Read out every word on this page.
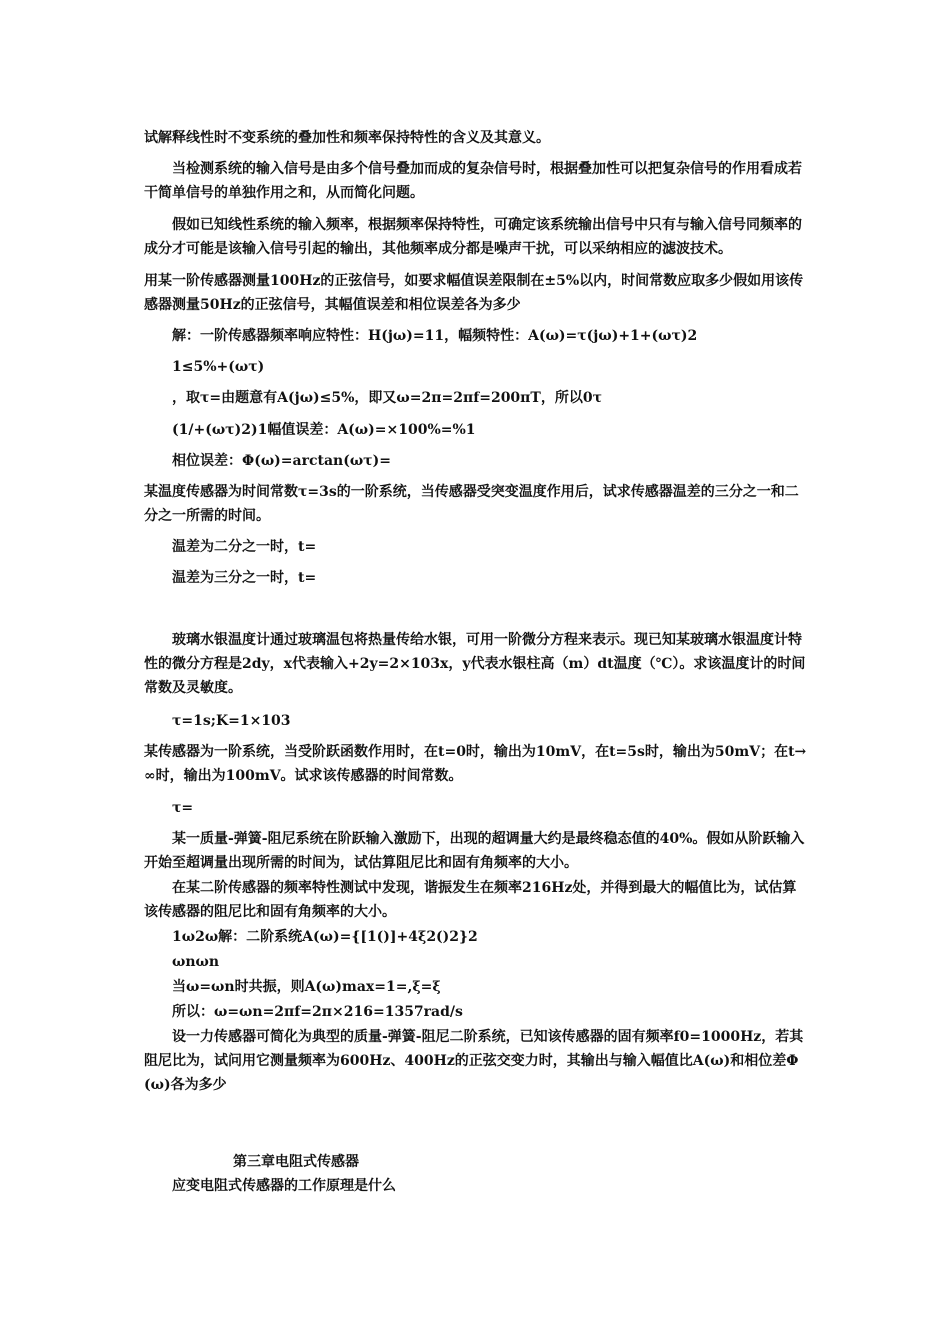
试解释线性时不变系统的叠加性和频率保持特性的含义及其意义。
当检测系统的输入信号是由多个信号叠加而成的复杂信号时，根据叠加性可以把复杂信号的作用看成若干简单信号的单独作用之和，从而简化问题。
假如已知线性系统的输入频率，根据频率保持特性，可确定该系统输出信号中只有与输入信号同频率的成分才可能是该输入信号引起的输出，其他频率成分都是噪声干扰，可以采纳相应的滤波技术。
用某一阶传感器测量100Hz的正弦信号，如要求幅值误差限制在±5%以内，时间常数应取多少假如用该传感器测量50Hz的正弦信号，其幅值误差和相位误差各为多少
解：一阶传感器频率响应特性：H(jω)=11，幅频特性：A(ω)=τ(jω)+1+(ωτ)2
1≤5%+(ωτ)
，取τ=由题意有A(jω)≤5%，即又ω=2π=2πf=200πT，所以0τ
(1/+(ωτ)2)1幅值误差：A(ω)=×100%=%1
相位误差：Φ(ω)=arctan(ωτ)=
某温度传感器为时间常数τ=3s的一阶系统，当传感器受突变温度作用后，试求传感器温差的三分之一和二分之一所需的时间。
温差为二分之一时，t=
温差为三分之一时，t=
玻璃水银温度计通过玻璃温包将热量传给水银，可用一阶微分方程来表示。现已知某玻璃水银温度计特性的微分方程是2dy，x代表输入+2y=2×103x，y代表水银柱高（m）dt温度（℃）。求该温度计的时间常数及灵敏度。
τ=1s;K=1×103
某传感器为一阶系统，当受阶跃函数作用时，在t=0时，输出为10mV，在t=5s时，输出为50mV；在t→∞时，输出为100mV。试求该传感器的时间常数。
τ=
某一质量-弹簧-阻尼系统在阶跃输入激励下，出现的超调量大约是最终稳态值的40%。假如从阶跃输入开始至超调量出现所需的时间为，试估算阻尼比和固有角频率的大小。
在某二阶传感器的频率特性测试中发现，谐振发生在频率216Hz处，并得到最大的幅值比为，试估算该传感器的阻尼比和固有角频率的大小。
1ω2ω解：二阶系统A(ω)={[1()]+4ξ2()2}2
ωnωn
当ω=ωn时共振，则A(ω)max=1=,ξ=ξ
所以：ω=ωn=2πf=2π×216=1357rad/s
设一力传感器可简化为典型的质量-弹簧-阻尼二阶系统，已知该传感器的固有频率f0=1000Hz，若其阻尼比为，试问用它测量频率为600Hz、400Hz的正弦交变力时，其输出与输入幅值比A(ω)和相位差Φ(ω)各为多少
第三章电阻式传感器
应变电阻式传感器的工作原理是什么
